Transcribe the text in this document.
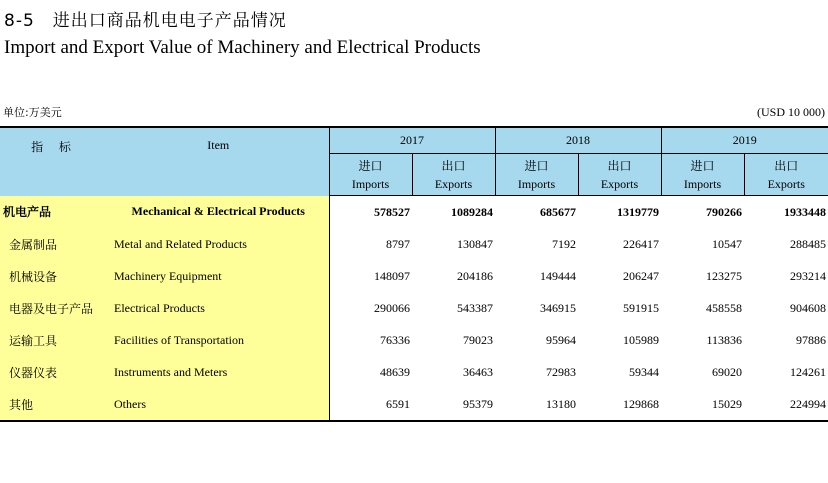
8-5　进出口商品机电电子产品情况
Import and Export Value of Machinery and Electrical Products
单位:万美元	(USD 10 000)
指 标	Item	2017		2018		2019	
		进口	出口	进口	出口	进口	出口
		Imports	Exports	Imports	Exports	Imports	Exports
机电产品	Mechanical & Electrical Products	578527	1089284	685677	1319779	790266	1933448
金属制品	Metal and Related Products	8797	130847	7192	226417	10547	288485
机械设备	Machinery Equipment	148097	204186	149444	206247	123275	293214
电器及电子产品	Electrical Products	290066	543387	346915	591915	458558	904608
运输工具	Facilities of Transportation	76336	79023	95964	105989	113836	97886
仪器仪表	Instruments and Meters	48639	36463	72983	59344	69020	124261
其他	Others	6591	95379	13180	129868	15029	224994
